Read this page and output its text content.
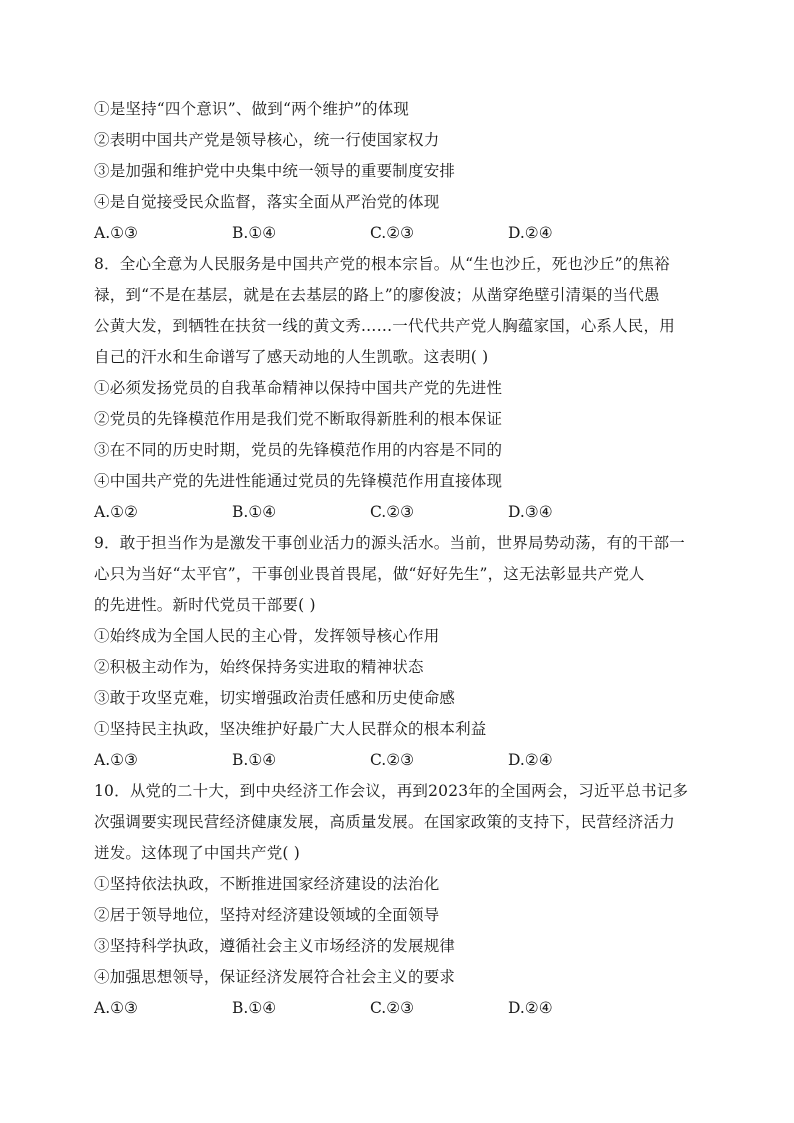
①是坚持“四个意识”、做到“两个维护”的体现
②表明中国共产党是领导核心，统一行使国家权力
③是加强和维护党中央集中统一领导的重要制度安排
④是自觉接受民众监督，落实全面从严治党的体现
A.①③	B.①④	C.②③	D.②④
8．全心全意为人民服务是中国共产党的根本宗旨。从“生也沙丘，死也沙丘”的焦裕
禄，到“不是在基层，就是在去基层的路上”的廖俊波；从凿穿绝壁引清渠的当代愚
公黄大发，到牺牲在扶贫一线的黄文秀……一代代共产党人胸蕴家国，心系人民，用
自己的汗水和生命谱写了感天动地的人生凯歌。这表明( )
①必须发扬党员的自我革命精神以保持中国共产党的先进性
②党员的先锋模范作用是我们党不断取得新胜利的根本保证
③在不同的历史时期，党员的先锋模范作用的内容是不同的
④中国共产党的先进性能通过党员的先锋模范作用直接体现
A.①②	B.①④	C.②③	D.③④
9．敢于担当作为是激发干事创业活力的源头活水。当前，世界局势动荡，有的干部一
心只为当好“太平官”，干事创业畏首畏尾，做“好好先生”，这无法彰显共产党人
的先进性。新时代党员干部要( )
①始终成为全国人民的主心骨，发挥领导核心作用
②积极主动作为，始终保持务实进取的精神状态
③敢于攻坚克难，切实增强政治责任感和历史使命感
①坚持民主执政，坚决维护好最广大人民群众的根本利益
A.①③	B.①④	C.②③	D.②④
10．从党的二十大，到中央经济工作会议，再到2023年的全国两会，习近平总书记多
次强调要实现民营经济健康发展，高质量发展。在国家政策的支持下，民营经济活力
迸发。这体现了中国共产党( )
①坚持依法执政，不断推进国家经济建设的法治化
②居于领导地位，坚持对经济建设领域的全面领导
③坚持科学执政，遵循社会主义市场经济的发展规律
④加强思想领导，保证经济发展符合社会主义的要求
A.①③	B.①④	C.②③	D.②④
